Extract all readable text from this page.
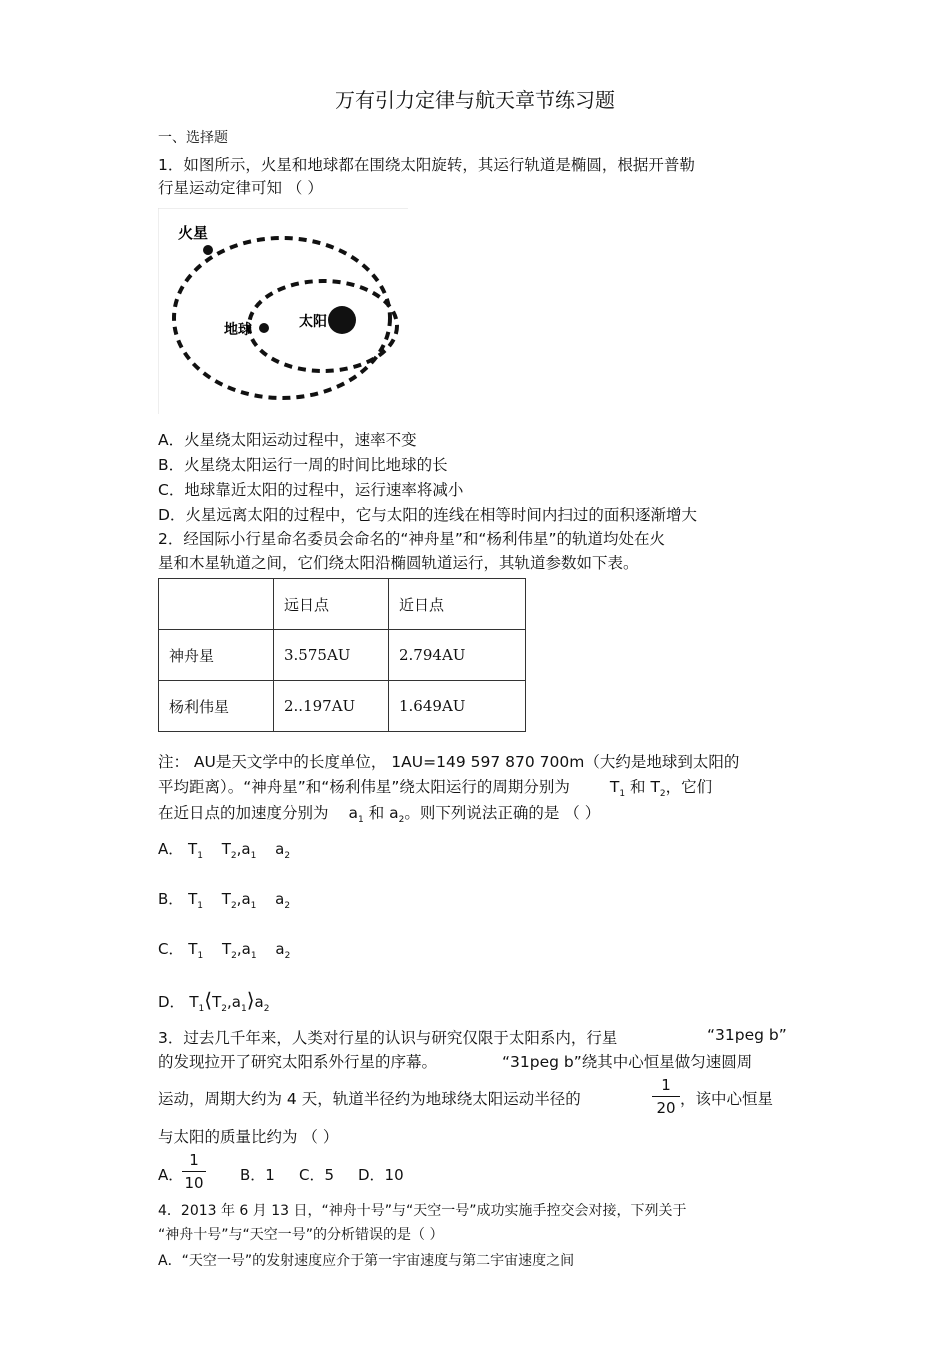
万有引力定律与航天章节练习题
一、选择题
1．如图所示，火星和地球都在围绕太阳旋转，其运行轨道是椭圆，根据开普勒
行星运动定律可知 （ ）
火星
地球	太阳
A．火星绕太阳运动过程中，速率不变
B．火星绕太阳运行一周的时间比地球的长
C．地球靠近太阳的过程中，运行速率将减小
D．火星远离太阳的过程中，它与太阳的连线在相等时间内扫过的面积逐渐增大
2．经国际小行星命名委员会命名的“神舟星”和“杨利伟星”的轨道均处在火
星和木星轨道之间，它们绕太阳沿椭圆轨道运行，其轨道参数如下表。
	远日点	近日点
神舟星	3.575AU	2.794AU
杨利伟星	2..197AU	1.649AU
注： AU是天文学中的长度单位， 1AU=149 597 870 700m（大约是地球到太阳的
平均距离）。“神舟星”和“杨利伟星”绕太阳运行的周期分别为	$T_1$ 和 $T_2$，它们
在近日点的加速度分别为 $a_1$ 和 $a_2$。则下列说法正确的是 （ ）
A． $T_1$ $T_2,a_1$ $a_2$
B． $T_1$ $T_2,a_1$ $a_2$
C． $T_1$ $T_2,a_1$ $a_2$
D． $T_1⟨T_2,a_1⟩a_2$
3．过去几千年来，人类对行星的认识与研究仅限于太阳系内，行星	“31peg b”
的发现拉开了研究太阳系外行星的序幕。	“31peg b”绕其中心恒星做匀速圆周
运动，周期大约为 4 天，轨道半径约为地球绕太阳运动半径的
1
20 ，该中心恒星
与太阳的质量比约为 （ ）
A．
1
10 B．1 C．5 D．10
4．2013 年 6 月 13 日，“神舟十号”与“天空一号”成功实施手控交会对接，下列关于
“神舟十号”与“天空一号”的分析错误的是（ ）
A．“天空一号”的发射速度应介于第一宇宙速度与第二宇宙速度之间
